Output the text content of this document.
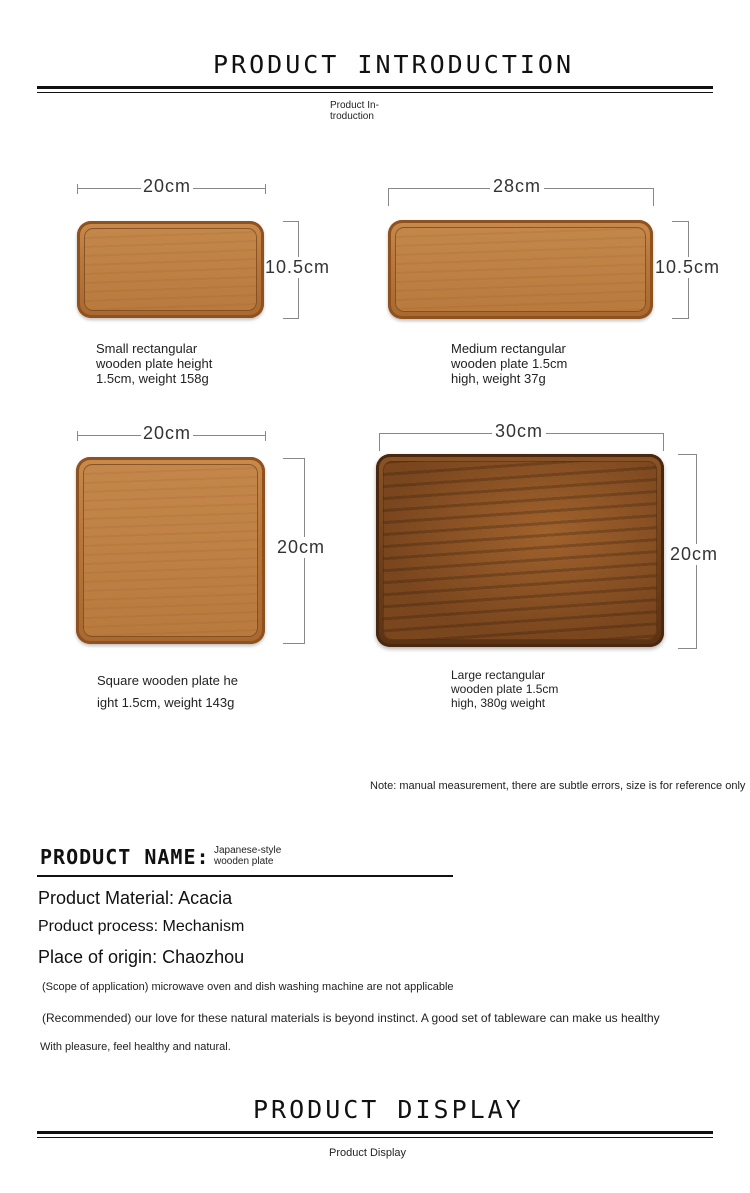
PRODUCT INTRODUCTION
Product In-
troduction
20cm
10.5cm
Small rectangular
wooden plate height
1.5cm, weight 158g
28cm
10.5cm
Medium rectangular
wooden plate 1.5cm
high, weight 37g
20cm
20cm
Square wooden plate he
ight 1.5cm, weight 143g
30cm
20cm
Large rectangular
wooden plate 1.5cm
high, 380g weight
Note: manual measurement, there are subtle errors, size is for reference only
PRODUCT NAME: Japanese-style
wooden plate
Product Material: Acacia
Product process: Mechanism
Place of origin: Chaozhou
(Scope of application) microwave oven and dish washing machine are not applicable
(Recommended) our love for these natural materials is beyond instinct. A good set of tableware can make us healthy
With pleasure, feel healthy and natural.
PRODUCT DISPLAY
Product Display
